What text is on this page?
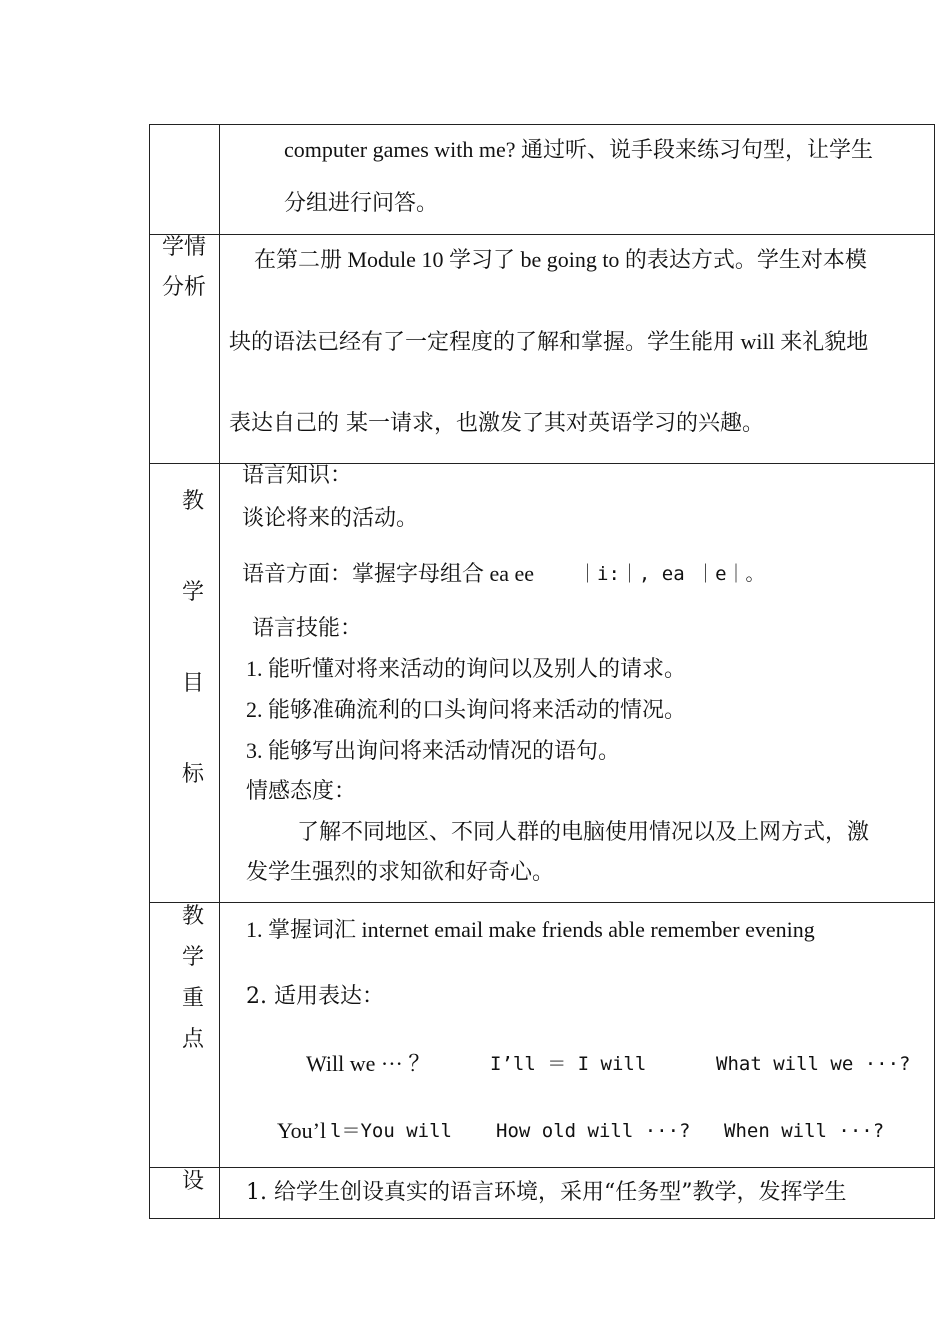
computer games with me? 通过听、说手段来练习句型，让学生
分组进行问答。
学情
分析
在第二册 Module 10 学习了 be going to 的表达方式。学生对本模
块的语法已经有了一定程度的了解和掌握。学生能用 will 来礼貌地
表达自己的 某一请求，也激发了其对英语学习的兴趣。
教
学
目
标
语言知识：
谈论将来的活动。
语音方面：掌握字母组合 ea ee ｜i:｜, ea ｜e｜。
语言技能：
1. 能听懂对将来活动的询问以及别人的请求。
2. 能够准确流利的口头询问将来活动的情况。
3. 能够写出询问将来活动情况的语句。
情感态度：
了解不同地区、不同人群的电脑使用情况以及上网方式，激
发学生强烈的求知欲和好奇心。
教
学
重
点
1. 掌握词汇 internet email make friends able remember evening
2. 适用表达：
Will we ··· ？	I’ll ＝ I will	What will we ···?
You’l l＝You will How old will ···? When will ···?
设 1. 给学生创设真实的语言环境，采用“任务型”教学，发挥学生
